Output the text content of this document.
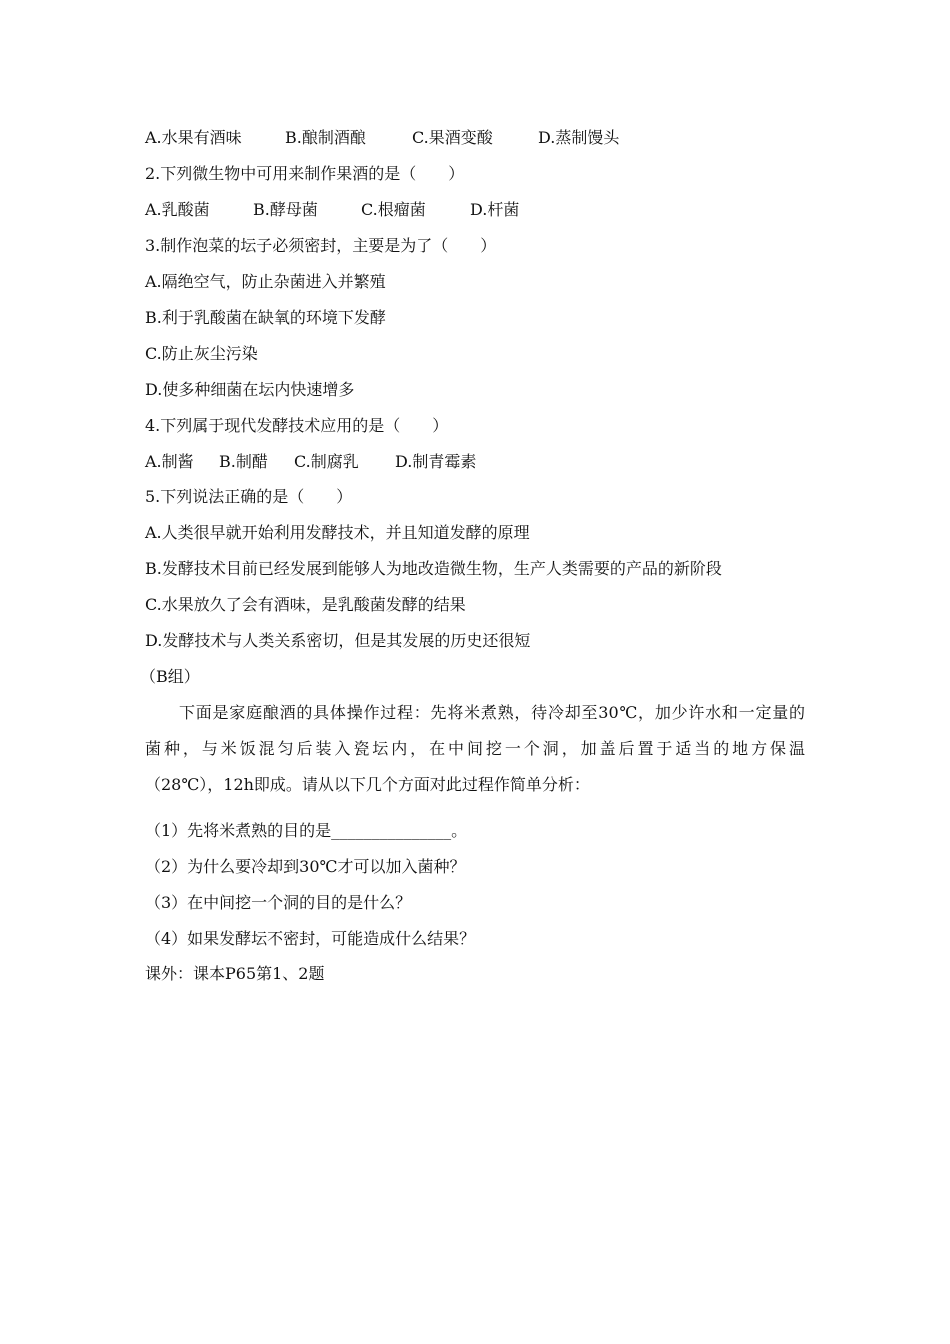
A.水果有酒味	B.酿制酒酿	C.果酒变酸	D.蒸制馒头
2.下列微生物中可用来制作果酒的是（　　）
A.乳酸菌	B.酵母菌	C.根瘤菌	D.杆菌
3.制作泡菜的坛子必须密封，主要是为了（　　）
A.隔绝空气，防止杂菌进入并繁殖
B.利于乳酸菌在缺氧的环境下发酵
C.防止灰尘污染
D.使多种细菌在坛内快速增多
4.下列属于现代发酵技术应用的是（　　）
A.制酱 B.制醋 C.制腐乳 D.制青霉素
5.下列说法正确的是（　　）
A.人类很早就开始利用发酵技术，并且知道发酵的原理
B.发酵技术目前已经发展到能够人为地改造微生物，生产人类需要的产品的新阶段
C.水果放久了会有酒味，是乳酸菌发酵的结果
D.发酵技术与人类关系密切，但是其发展的历史还很短
（B组）
下面是家庭酿酒的具体操作过程：先将米煮熟，待冷却至30℃，加少许水和一定量的
菌种，与米饭混匀后装入瓷坛内，在中间挖一个洞，加盖后置于适当的地方保温
（28℃），12h即成。请从以下几个方面对此过程作简单分析：
（1）先将米煮熟的目的是_______________。
（2）为什么要冷却到30℃才可以加入菌种？
（3）在中间挖一个洞的目的是什么？
（4）如果发酵坛不密封，可能造成什么结果？
课外：课本P65第1、2题
